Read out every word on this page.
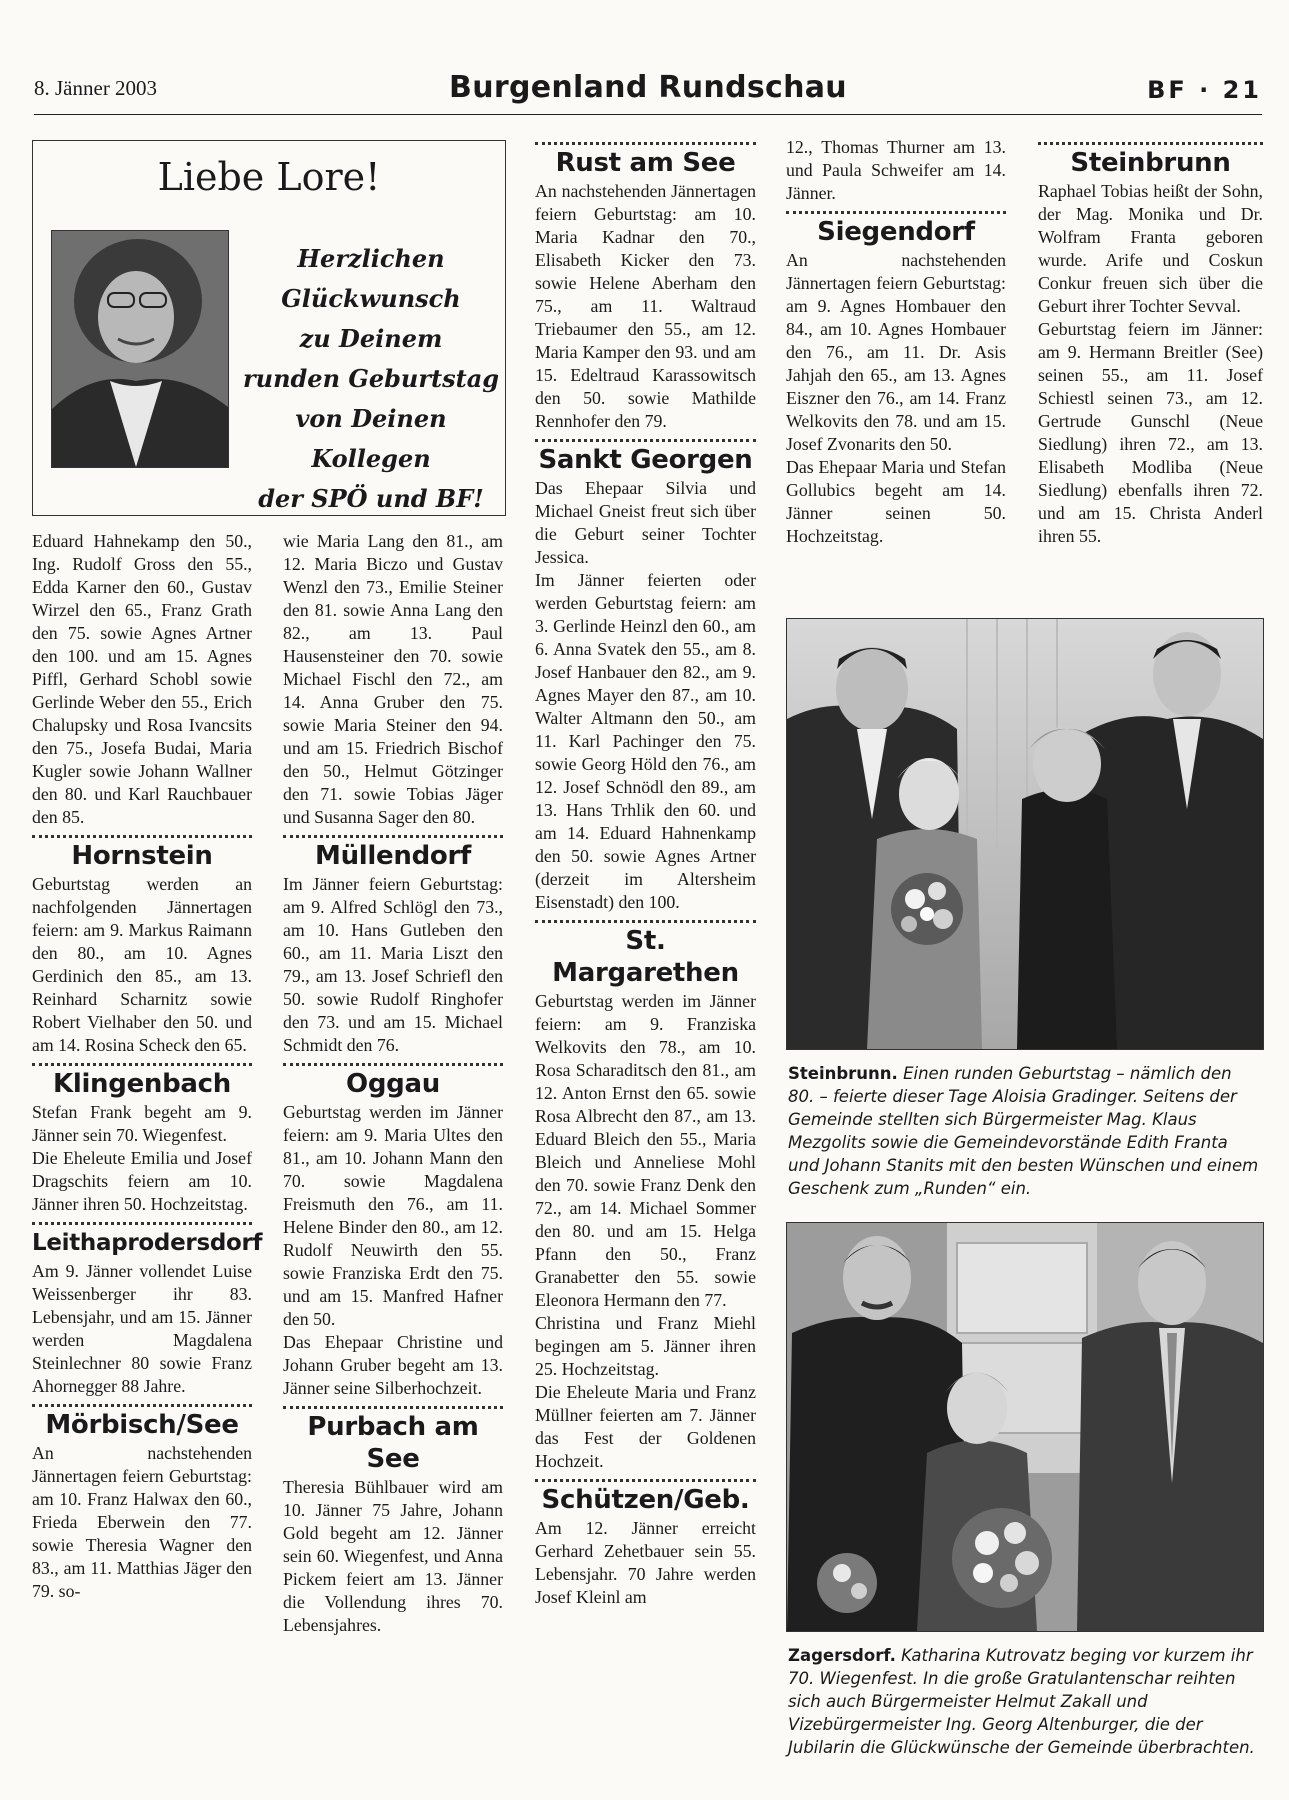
8. Jänner 2003	Burgenland Rundschau	BF · 21
Liebe Lore!
Herzlichen
Glückwunsch
zu Deinem
runden Geburtstag
von Deinen Kollegen
der SPÖ und BF!

Eduard Hahnekamp den 50., Ing. Rudolf Gross den 55., Edda Karner den 60., Gustav Wirzel den 65., Franz Grath den 75. sowie Agnes Artner den 100. und am 15. Agnes Piffl, Gerhard Schobl sowie Gerlinde Weber den 55., Erich Chalupsky und Rosa Ivancsits den 75., Josefa Budai, Maria Kugler sowie Johann Wallner den 80. und Karl Rauchbauer den 85.

Hornstein

Geburtstag werden an nachfolgenden Jännertagen feiern: am 9. Markus Raimann den 80., am 10. Agnes Gerdinich den 85., am 13. Reinhard Scharnitz sowie Robert Vielhaber den 50. und am 14. Rosina Scheck den 65.

Klingenbach

Stefan Frank begeht am 9. Jänner sein 70. Wiegenfest.

Die Eheleute Emilia und Josef Dragschits feiern am 10. Jänner ihren 50. Hochzeitstag.

Leithaprodersdorf

Am 9. Jänner vollendet Luise Weissenberger ihr 83. Lebensjahr, und am 15. Jänner werden Magdalena Steinlechner 80 sowie Franz Ahornegger 88 Jahre.

Mörbisch/See

An nachstehenden Jännertagen feiern Geburtstag: am 10. Franz Halwax den 60., Frieda Eberwein den 77. sowie Theresia Wagner den 83., am 11. Matthias Jäger den 79. so-

wie Maria Lang den 81., am 12. Maria Biczo und Gustav Wenzl den 73., Emilie Steiner den 81. sowie Anna Lang den 82., am 13. Paul Hausensteiner den 70. sowie Michael Fischl den 72., am 14. Anna Gruber den 75. sowie Maria Steiner den 94. und am 15. Friedrich Bischof den 50., Helmut Götzinger den 71. sowie Tobias Jäger und Susanna Sager den 80.

Müllendorf

Im Jänner feiern Geburtstag: am 9. Alfred Schlögl den 73., am 10. Hans Gutleben den 60., am 11. Maria Liszt den 79., am 13. Josef Schriefl den 50. sowie Rudolf Ringhofer den 73. und am 15. Michael Schmidt den 76.

Oggau

Geburtstag werden im Jänner feiern: am 9. Maria Ultes den 81., am 10. Johann Mann den 70. sowie Magdalena Freismuth den 76., am 11. Helene Binder den 80., am 12. Rudolf Neuwirth den 55. sowie Franziska Erdt den 75. und am 15. Manfred Hafner den 50.

Das Ehepaar Christine und Johann Gruber begeht am 13. Jänner seine Silberhochzeit.

Purbach am See

Theresia Bühlbauer wird am 10. Jänner 75 Jahre, Johann Gold begeht am 12. Jänner sein 60. Wiegenfest, und Anna Pickem feiert am 13. Jänner die Vollendung ihres 70. Lebensjahres.

Rust am See

An nachstehenden Jännertagen feiern Geburtstag: am 10. Maria Kadnar den 70., Elisabeth Kicker den 73. sowie Helene Aberham den 75., am 11. Waltraud Triebaumer den 55., am 12. Maria Kamper den 93. und am 15. Edeltraud Karassowitsch den 50. sowie Mathilde Rennhofer den 79.

Sankt Georgen

Das Ehepaar Silvia und Michael Gneist freut sich über die Geburt seiner Tochter Jessica.

Im Jänner feierten oder werden Geburtstag feiern: am 3. Gerlinde Heinzl den 60., am 6. Anna Svatek den 55., am 8. Josef Hanbauer den 82., am 9. Agnes Mayer den 87., am 10. Walter Altmann den 50., am 11. Karl Pachinger den 75. sowie Georg Höld den 76., am 12. Josef Schnödl den 89., am 13. Hans Trhlik den 60. und am 14. Eduard Hahnenkamp den 50. sowie Agnes Artner (derzeit im Altersheim Eisenstadt) den 100.

St. Margarethen

Geburtstag werden im Jänner feiern: am 9. Franziska Welkovits den 78., am 10. Rosa Scharaditsch den 81., am 12. Anton Ernst den 65. sowie Rosa Albrecht den 87., am 13. Eduard Bleich den 55., Maria Bleich und Anneliese Mohl den 70. sowie Franz Denk den 72., am 14. Michael Sommer den 80. und am 15. Helga Pfann den 50., Franz Granabetter den 55. sowie Eleonora Hermann den 77.

Christina und Franz Miehl begingen am 5. Jänner ihren 25. Hochzeitstag.

Die Eheleute Maria und Franz Müllner feierten am 7. Jänner das Fest der Goldenen Hochzeit.

Schützen/Geb.

Am 12. Jänner erreicht Gerhard Zehetbauer sein 55. Lebensjahr. 70 Jahre werden Josef Kleinl am

12., Thomas Thurner am 13. und Paula Schweifer am 14. Jänner.

Siegendorf

An nachstehenden Jännertagen feiern Geburtstag: am 9. Agnes Hombauer den 84., am 10. Agnes Hombauer den 76., am 11. Dr. Asis Jahjah den 65., am 13. Agnes Eiszner den 76., am 14. Franz Welkovits den 78. und am 15. Josef Zvonarits den 50.

Das Ehepaar Maria und Stefan Gollubics begeht am 14. Jänner seinen 50. Hochzeitstag.

Steinbrunn

Raphael Tobias heißt der Sohn, der Mag. Monika und Dr. Wolfram Franta geboren wurde. Arife und Coskun Conkur freuen sich über die Geburt ihrer Tochter Sevval.

Geburtstag feiern im Jänner: am 9. Hermann Breitler (See) seinen 55., am 11. Josef Schiestl seinen 73., am 12. Gertrude Gunschl (Neue Siedlung) ihren 72., am 13. Elisabeth Modliba (Neue Siedlung) ebenfalls ihren 72. und am 15. Christa Anderl ihren 55.

Steinbrunn. Einen runden Geburtstag – nämlich den 80. – feierte dieser Tage Aloisia Gradinger. Seitens der Gemeinde stellten sich Bürgermeister Mag. Klaus Mezgolits sowie die Gemeindevorstände Edith Franta und Johann Stanits mit den besten Wünschen und einem Geschenk zum „Runden“ ein.
Zagersdorf. Katharina Kutrovatz beging vor kurzem ihr 70. Wiegenfest. In die große Gratulantenschar reihten sich auch Bürgermeister Helmut Zakall und Vizebürgermeister Ing. Georg Altenburger, die der Jubilarin die Glückwünsche der Gemeinde überbrachten.
